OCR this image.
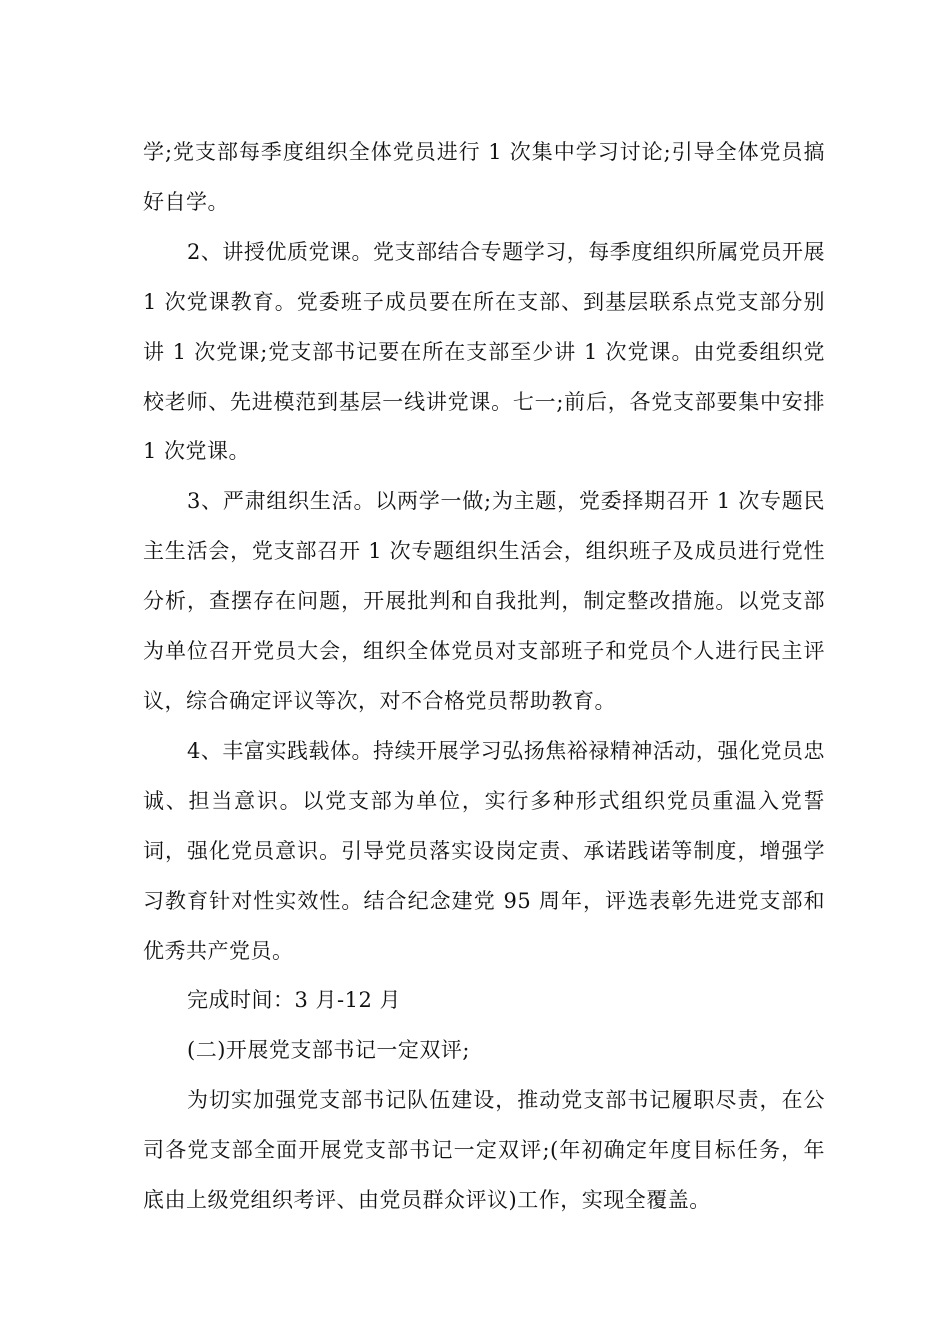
学;党支部每季度组织全体党员进行 1 次集中学习讨论;引导全体党员搞好自学。

2、讲授优质党课。党支部结合专题学习，每季度组织所属党员开展 1 次党课教育。党委班子成员要在所在支部、到基层联系点党支部分别讲 1 次党课;党支部书记要在所在支部至少讲 1 次党课。由党委组织党校老师、先进模范到基层一线讲党课。七一;前后，各党支部要集中安排 1 次党课。

3、严肃组织生活。以两学一做;为主题，党委择期召开 1 次专题民主生活会，党支部召开 1 次专题组织生活会，组织班子及成员进行党性分析，查摆存在问题，开展批判和自我批判，制定整改措施。以党支部为单位召开党员大会，组织全体党员对支部班子和党员个人进行民主评议，综合确定评议等次，对不合格党员帮助教育。

4、丰富实践载体。持续开展学习弘扬焦裕禄精神活动，强化党员忠诚、担当意识。以党支部为单位，实行多种形式组织党员重温入党誓词，强化党员意识。引导党员落实设岗定责、承诺践诺等制度，增强学习教育针对性实效性。结合纪念建党 95 周年，评选表彰先进党支部和优秀共产党员。

完成时间：3 月-12 月

(二)开展党支部书记一定双评;

为切实加强党支部书记队伍建设，推动党支部书记履职尽责，在公司各党支部全面开展党支部书记一定双评;(年初确定年度目标任务，年底由上级党组织考评、由党员群众评议)工作，实现全覆盖。
